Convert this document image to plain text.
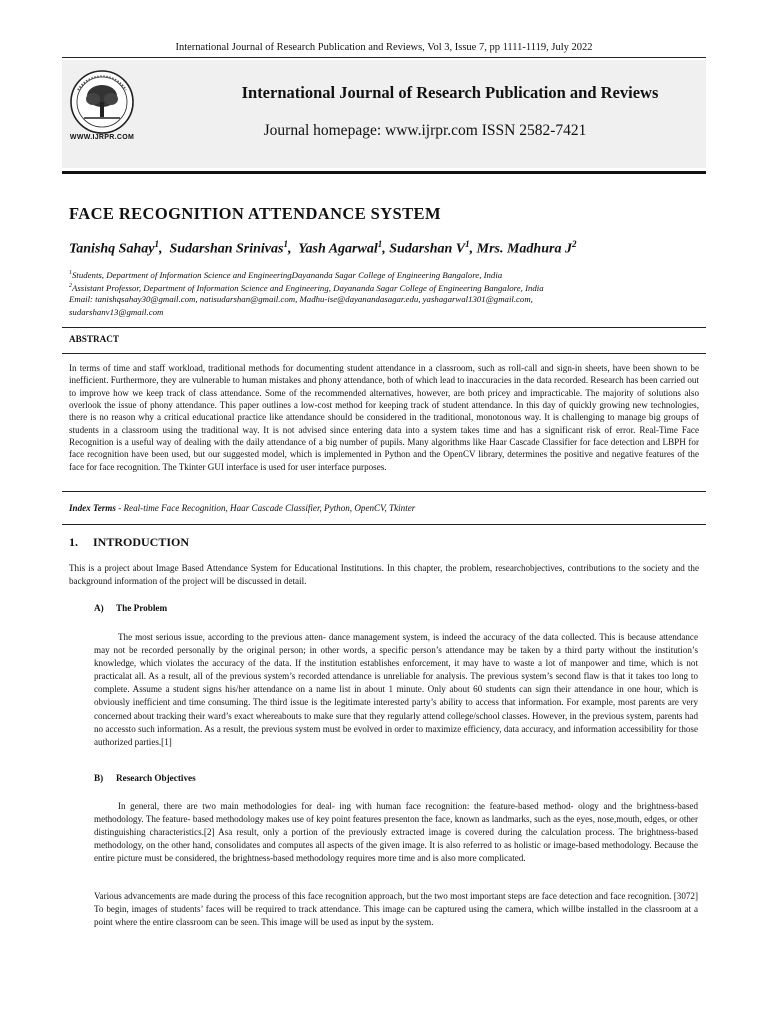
International Journal of Research Publication and Reviews, Vol 3, Issue 7, pp 1111-1119, July 2022
WWW.IJRPR.COM
International Journal of Research Publication and Reviews
Journal homepage: www.ijrpr.com ISSN 2582-7421
FACE RECOGNITION ATTENDANCE SYSTEM
Tanishq Sahay$^1$,  Sudarshan Srinivas$^1$,  Yash Agarwal$^1$, Sudarshan $V^1$, Mrs. Madhura $J^2$
$^1$Students, Department of Information Science and EngineeringDayananda Sagar College of Engineering Bangalore, India
$^2$Assistant Professor, Department of Information Science and Engineering, Dayananda Sagar College of Engineering Bangalore, India
Email: tanishqsahay30@gmail.com, natisudarshan@gmail.com, Madhu-ise@dayanandasagar.edu, yashagarwal1301@gmail.com,
sudarshanv13@gmail.com
ABSTRACT
In terms of time and staff workload, traditional methods for documenting student attendance in a classroom, such as roll-call and sign-in sheets, have been shown to be inefficient. Furthermore, they are vulnerable to human mistakes and phony attendance, both of which lead to inaccuracies in the data recorded. Research has been carried out to improve how we keep track of class attendance. Some of the recommended alternatives, however, are both pricey and impracticable. The majority of solutions also overlook the issue of phony attendance. This paper outlines a low-cost method for keeping track of student attendance. In this day of quickly growing new technologies, there is no reason why a critical educational practice like attendance should be considered in the traditional, monotonous way. It is challenging to manage big groups of students in a classroom using the traditional way. It is not advised since entering data into a system takes time and has a significant risk of error. Real-Time Face Recognition is a useful way of dealing with the daily attendance of a big number of pupils. Many algorithms like Haar Cascade Classifier for face detection and LBPH for face recognition have been used, but our suggested model, which is implemented in Python and the OpenCV library, determines the positive and negative features of the face for face recognition. The Tkinter GUI interface is used for user interface purposes.
Index Terms - Real-time Face Recognition, Haar Cascade Classifier, Python, OpenCV, Tkinter
1. INTRODUCTION
This is a project about Image Based Attendance System for Educational Institutions. In this chapter, the problem, researchobjectives, contributions to the society and the background information of the project will be discussed in detail.
A) The Problem
The most serious issue, according to the previous atten- dance management system, is indeed the accuracy of the data collected. This is because attendance may not be recorded personally by the original person; in other words, a specific person’s attendance may be taken by a third party without the institution’s knowledge, which violates the accuracy of the data. If the institution establishes enforcement, it may have to waste a lot of manpower and time, which is not practicalat all. As a result, all of the previous system’s recorded attendance is unreliable for analysis. The previous system’s second flaw is that it takes too long to complete. Assume a student signs his/her attendance on a name list in about 1 minute. Only about 60 students can sign their attendance in one hour, which is obviously inefficient and time consuming. The third issue is the legitimate interested party’s ability to access that information. For example, most parents are very concerned about tracking their ward’s exact whereabouts to make sure that they regularly attend college/school classes. However, in the previous system, parents had no accessto such information. As a result, the previous system must be evolved in order to maximize efficiency, data accuracy, and information accessibility for those authorized parties.[1]
B) Research Objectives
In general, there are two main methodologies for deal- ing with human face recognition: the feature-based method- ology and the brightness-based methodology. The feature- based methodology makes use of key point features presenton the face, known as landmarks, such as the eyes, nose,mouth, edges, or other distinguishing characteristics.[2] Asa result, only a portion of the previously extracted image is covered during the calculation process. The brightness-based methodology, on the other hand, consolidates and computes all aspects of the given image. It is also referred to as holistic or image-based methodology. Because the entire picture must be considered, the brightness-based methodology requires more time and is also more complicated.
Various advancements are made during the process of this face recognition approach, but the two most important steps are face detection and face recognition. [3072] To begin, images of students’ faces will be required to track attendance. This image can be captured using the camera, which willbe installed in the classroom at a point where the entire classroom can be seen. This image will be used as input by the system.
